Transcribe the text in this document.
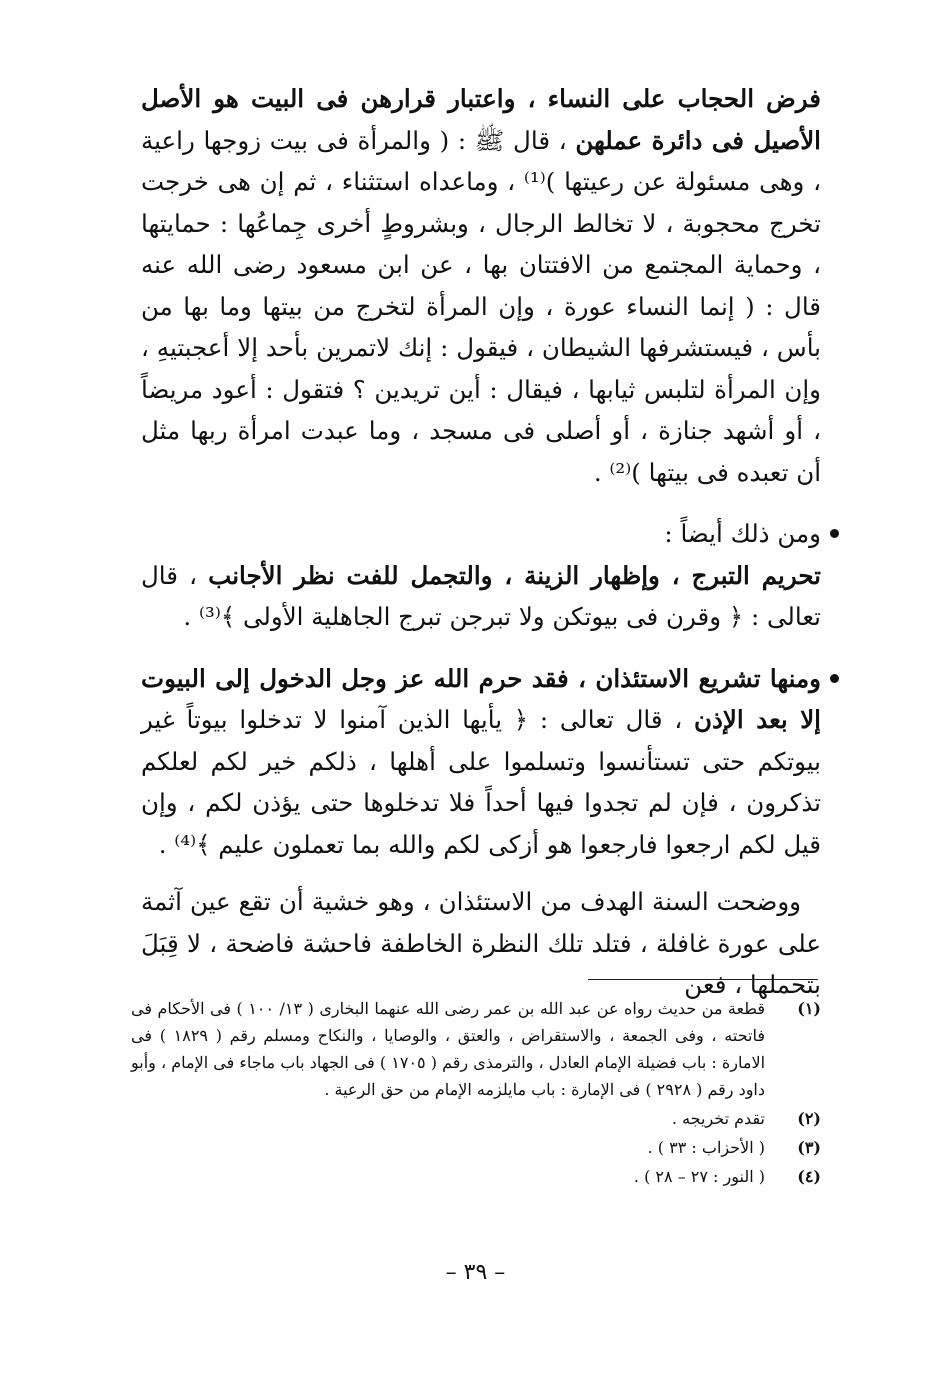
فرض الحجاب على النساء ، واعتبار قرارهن فى البيت هو الأصل الأصيل فى دائرة عملهن ، قال ﷺ : ( والمرأة فى بيت زوجها راعية ، وهى مسئولة عن رعيتها )⁽¹⁾ ، وماعداه استثناء ، ثم إن هى خرجت تخرج محجوبة ، لا تخالط الرجال ، وبشروطٍ أخرى جِماعُها : حمايتها ، وحماية المجتمع من الافتتان بها ، عن ابن مسعود رضى الله عنه قال : ( إنما النساء عورة ، وإن المرأة لتخرج من بيتها وما بها من بأس ، فيستشرفها الشيطان ، فيقول : إنك لاتمرين بأحد إلا أعجبتيهِ ، وإن المرأة لتلبس ثيابها ، فيقال : أين تريدين ؟ فتقول : أعود مريضاً ، أو أشهد جنازة ، أو أصلى فى مسجد ، وما عبدت امرأة ربها مثل أن تعبده فى بيتها )⁽²⁾ .

ومن ذلك أيضاً :

تحريم التبرج ، وإظهار الزينة ، والتجمل للفت نظر الأجانب ، قال تعالى : ﴿ وقرن فى بيوتكن ولا تبرجن تبرج الجاهلية الأولى ﴾⁽³⁾ .

ومنها تشريع الاستئذان ، فقد حرم الله عز وجل الدخول إلى البيوت إلا بعد الإذن ، قال تعالى : ﴿ يأيها الذين آمنوا لا تدخلوا بيوتاً غير بيوتكم حتى تستأنسوا وتسلموا على أهلها ، ذلكم خير لكم لعلكم تذكرون ، فإن لم تجدوا فيها أحداً فلا تدخلوها حتى يؤذن لكم ، وإن قيل لكم ارجعوا فارجعوا هو أزكى لكم والله بما تعملون عليم ﴾⁽⁴⁾ .

ووضحت السنة الهدف من الاستئذان ، وهو خشية أن تقع عين آثمة على عورة غافلة ، فتلد تلك النظرة الخاطفة فاحشة فاضحة ، لا قِبَلَ بتحملها ، فعن

(١)
قطعة من حديث رواه عن عبد الله بن عمر رضى الله عنهما البخارى ( ١٣/ ١٠٠ ) فى الأحكام فى فاتحته ، وفى الجمعة ، والاستقراض ، والعتق ، والوصايا ، والنكاح ومسلم رقم ( ١٨٢٩ ) فى الامارة : باب فضيلة الإمام العادل ، والترمذى رقم ( ١٧٠٥ ) فى الجهاد باب ماجاء فى الإمام ، وأبو داود رقم ( ٢٩٢٨ ) فى الإمارة : باب مايلزمه الإمام من حق الرعية .
(٢)
تقدم تخريجه .
(٣)
( الأحزاب : ٣٣ ) .
(٤)
( النور : ٢٧ – ٢٨ ) .
– ٣٩ –
